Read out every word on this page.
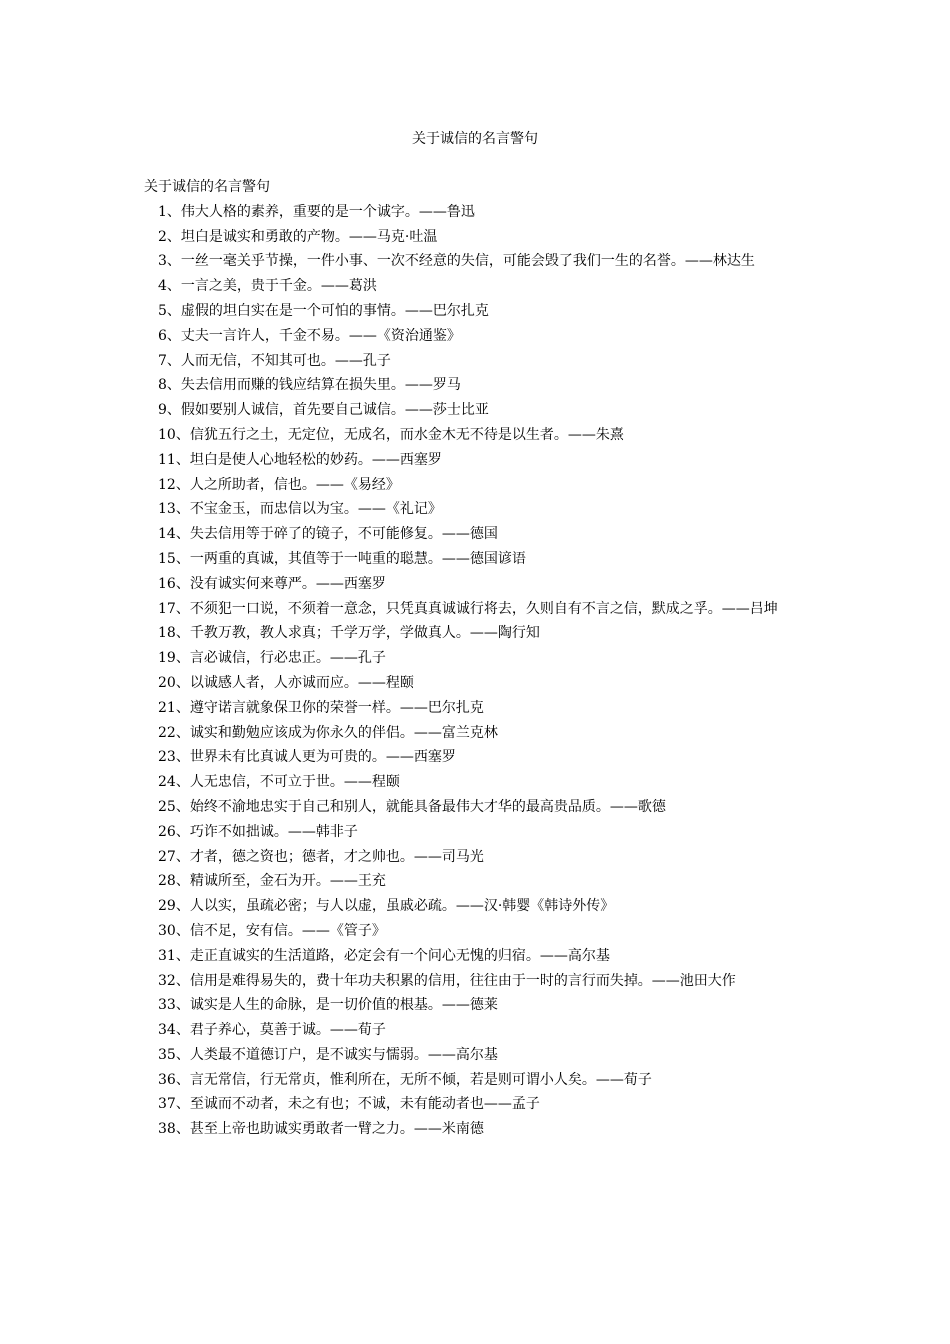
关于诚信的名言警句

关于诚信的名言警句

1、伟大人格的素养，重要的是一个诚字。——鲁迅

2、坦白是诚实和勇敢的产物。——马克·吐温

3、一丝一毫关乎节操，一件小事、一次不经意的失信，可能会毁了我们一生的名誉。——林达生

4、一言之美，贵于千金。——葛洪

5、虚假的坦白实在是一个可怕的事情。——巴尔扎克

6、丈夫一言许人，千金不易。——《资治通鉴》

7、人而无信，不知其可也。——孔子

8、失去信用而赚的钱应结算在损失里。——罗马

9、假如要别人诚信，首先要自己诚信。——莎士比亚

10、信犹五行之土，无定位，无成名，而水金木无不待是以生者。——朱熹

11、坦白是使人心地轻松的妙药。——西塞罗

12、人之所助者，信也。——《易经》

13、不宝金玉，而忠信以为宝。——《礼记》

14、失去信用等于碎了的镜子，不可能修复。——德国

15、一两重的真诚，其值等于一吨重的聪慧。——德国谚语

16、没有诚实何来尊严。——西塞罗

17、不须犯一口说，不须着一意念，只凭真真诚诚行将去，久则自有不言之信，默成之孚。——吕坤

18、千教万教，教人求真；千学万学，学做真人。——陶行知

19、言必诚信，行必忠正。——孔子

20、以诚感人者，人亦诚而应。——程颐

21、遵守诺言就象保卫你的荣誉一样。——巴尔扎克

22、诚实和勤勉应该成为你永久的伴侣。——富兰克林

23、世界未有比真诚人更为可贵的。——西塞罗

24、人无忠信，不可立于世。——程颐

25、始终不渝地忠实于自己和别人，就能具备最伟大才华的最高贵品质。——歌德

26、巧诈不如拙诚。——韩非子

27、才者，德之资也；德者，才之帅也。——司马光

28、精诚所至，金石为开。——王充

29、人以实，虽疏必密；与人以虚，虽戚必疏。——汉·韩婴《韩诗外传》

30、信不足，安有信。——《管子》

31、走正直诚实的生活道路，必定会有一个问心无愧的归宿。——高尔基

32、信用是难得易失的，费十年功夫积累的信用，往往由于一时的言行而失掉。——池田大作

33、诚实是人生的命脉，是一切价值的根基。——德莱

34、君子养心，莫善于诚。——荀子

35、人类最不道德订户，是不诚实与懦弱。——高尔基

36、言无常信，行无常贞，惟利所在，无所不倾，若是则可谓小人矣。——荀子

37、至诚而不动者，未之有也；不诚，未有能动者也——孟子

38、甚至上帝也助诚实勇敢者一臂之力。——米南德
